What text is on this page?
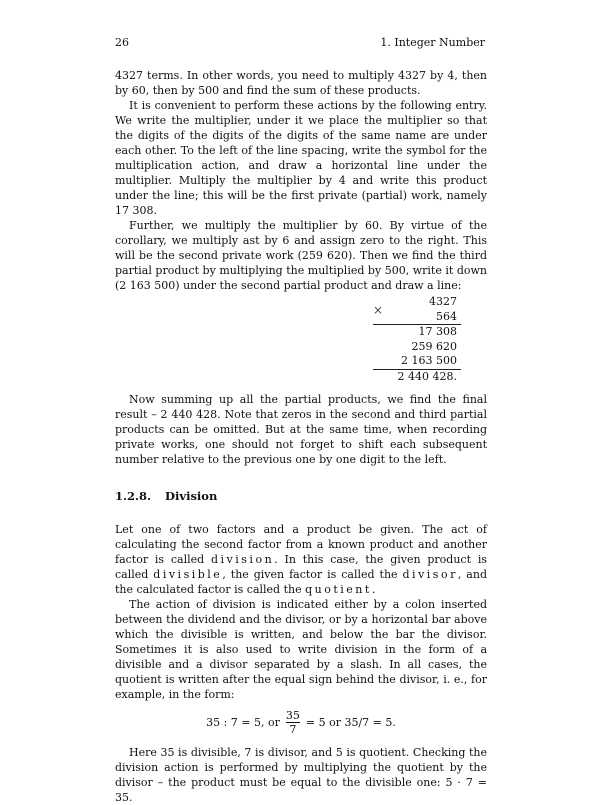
26	1. Integer Number

4327 terms. In other words, you need to multiply 4327 by 4, then by 60, then by 500 and find the sum of these products.

It is convenient to perform these actions by the following entry. We write the multiplier, under it we place the multiplier so that the digits of the digits of the digits of the same name are under each other. To the left of the line spacing, write the symbol for the multiplication action, and draw a horizontal line under the multiplier. Multiply the multiplier by 4 and write this product under the line; this will be the first private (partial) work, namely 17 308.

Further, we multiply the multiplier by 60. By virtue of the corollary, we multiply ast by 6 and assign zero to the right. This will be the second private work (259 620). Then we find the third partial product by multiplying the multiplied by 500, write it down (2 163 500) under the second partial product and draw a line:

4327
×	564
17 308
259 620
2 163 500
2 440 428.

Now summing up all the partial products, we find the final result – 2 440 428. Note that zeros in the second and third partial products can be omitted. But at the same time, when recording private works, one should not forget to shift each subsequent number relative to the previous one by one digit to the left.

1.2.8. Division

Let one of two factors and a product be given. The act of calculating the second factor from a known product and another factor is called division. In this case, the given product is called divisible, the given factor is called the divisor, and the calculated factor is called the quotient.

The action of division is indicated either by a colon inserted between the dividend and the divisor, or by a horizontal bar above which the divisible is written, and below the bar the divisor. Sometimes it is also used to write division in the form of a divisible and a divisor separated by a slash. In all cases, the quotient is written after the equal sign behind the divisor, i. e., for example, in the form:

35 : 7 = 5, or $\frac{35}{7} = 5$ or 35/7 = 5.

Here 35 is divisible, 7 is divisor, and 5 is quotient. Checking the division action is performed by multiplying the quotient by the divisor – the product must be equal to the divisible one: 5 · 7 = 35.
